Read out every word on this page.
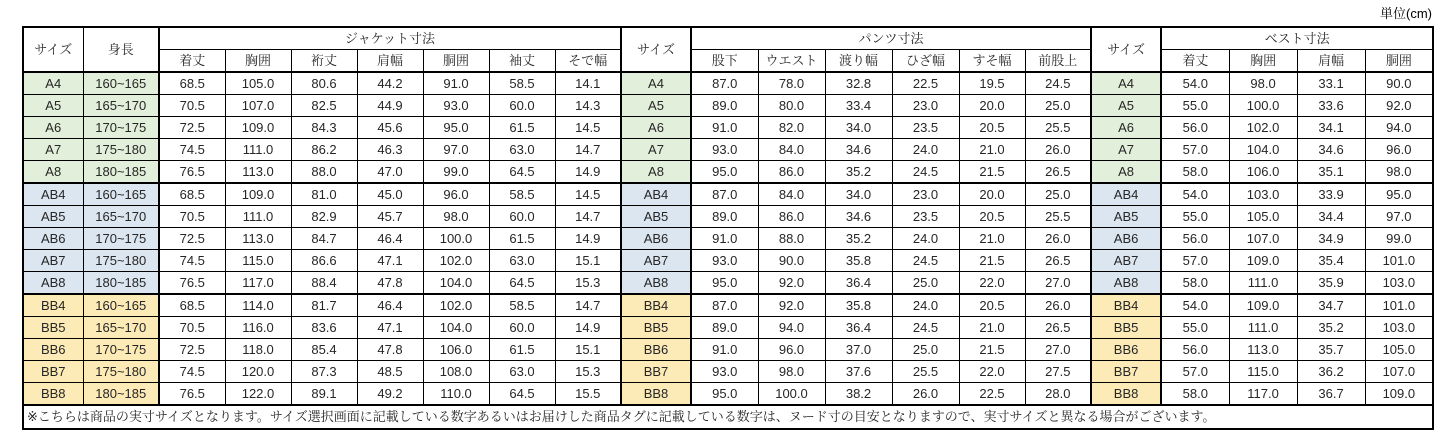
単位(cm)
サイズ	身長	ジャケット寸法							サイズ	パンツ寸法						サイズ	ベスト寸法			
		着丈	胸囲	裄丈	肩幅	胴囲	袖丈	そで幅		股下	ウエスト	渡り幅	ひざ幅	すそ幅	前股上		着丈	胸囲	肩幅	胴囲
A4	160~165	68.5	105.0	80.6	44.2	91.0	58.5	14.1	A4	87.0	78.0	32.8	22.5	19.5	24.5	A4	54.0	98.0	33.1	90.0
A5	165~170	70.5	107.0	82.5	44.9	93.0	60.0	14.3	A5	89.0	80.0	33.4	23.0	20.0	25.0	A5	55.0	100.0	33.6	92.0
A6	170~175	72.5	109.0	84.3	45.6	95.0	61.5	14.5	A6	91.0	82.0	34.0	23.5	20.5	25.5	A6	56.0	102.0	34.1	94.0
A7	175~180	74.5	111.0	86.2	46.3	97.0	63.0	14.7	A7	93.0	84.0	34.6	24.0	21.0	26.0	A7	57.0	104.0	34.6	96.0
A8	180~185	76.5	113.0	88.0	47.0	99.0	64.5	14.9	A8	95.0	86.0	35.2	24.5	21.5	26.5	A8	58.0	106.0	35.1	98.0
AB4	160~165	68.5	109.0	81.0	45.0	96.0	58.5	14.5	AB4	87.0	84.0	34.0	23.0	20.0	25.0	AB4	54.0	103.0	33.9	95.0
AB5	165~170	70.5	111.0	82.9	45.7	98.0	60.0	14.7	AB5	89.0	86.0	34.6	23.5	20.5	25.5	AB5	55.0	105.0	34.4	97.0
AB6	170~175	72.5	113.0	84.7	46.4	100.0	61.5	14.9	AB6	91.0	88.0	35.2	24.0	21.0	26.0	AB6	56.0	107.0	34.9	99.0
AB7	175~180	74.5	115.0	86.6	47.1	102.0	63.0	15.1	AB7	93.0	90.0	35.8	24.5	21.5	26.5	AB7	57.0	109.0	35.4	101.0
AB8	180~185	76.5	117.0	88.4	47.8	104.0	64.5	15.3	AB8	95.0	92.0	36.4	25.0	22.0	27.0	AB8	58.0	111.0	35.9	103.0
BB4	160~165	68.5	114.0	81.7	46.4	102.0	58.5	14.7	BB4	87.0	92.0	35.8	24.0	20.5	26.0	BB4	54.0	109.0	34.7	101.0
BB5	165~170	70.5	116.0	83.6	47.1	104.0	60.0	14.9	BB5	89.0	94.0	36.4	24.5	21.0	26.5	BB5	55.0	111.0	35.2	103.0
BB6	170~175	72.5	118.0	85.4	47.8	106.0	61.5	15.1	BB6	91.0	96.0	37.0	25.0	21.5	27.0	BB6	56.0	113.0	35.7	105.0
BB7	175~180	74.5	120.0	87.3	48.5	108.0	63.0	15.3	BB7	93.0	98.0	37.6	25.5	22.0	27.5	BB7	57.0	115.0	36.2	107.0
BB8	180~185	76.5	122.0	89.1	49.2	110.0	64.5	15.5	BB8	95.0	100.0	38.2	26.0	22.5	28.0	BB8	58.0	117.0	36.7	109.0
※こちらは商品の実寸サイズとなります。サイズ選択画面に記載している数字あるいはお届けした商品タグに記載している数字は、ヌード寸の目安となりますので、実寸サイズと異なる場合がございます。
